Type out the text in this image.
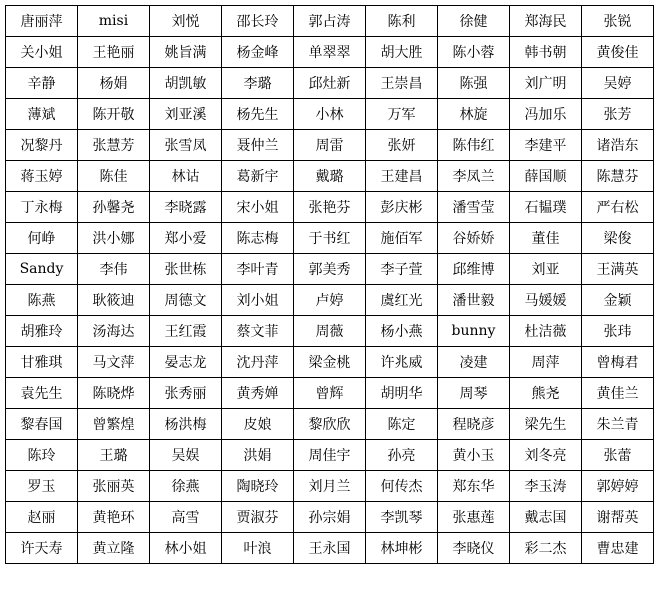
唐丽萍	misi	刘悦	邵长玲	郭占涛	陈利	徐健	郑海民	张锐
关小姐	王艳丽	姚旨满	杨金峰	单翠翠	胡大胜	陈小蓉	韩书朝	黄俊佳
辛静	杨娟	胡凯敏	李璐	邱灶新	王崇昌	陈强	刘广明	吴婷
薄斌	陈开敬	刘亚溪	杨先生	小林	万军	林旋	冯加乐	张芳
况黎丹	张慧芳	张雪凤	聂仲兰	周雷	张妍	陈伟红	李建平	诸浩东
蒋玉婷	陈佳	林诂	葛新宇	戴璐	王建昌	李凤兰	薛国顺	陈慧芬
丁永梅	孙馨尧	李晓露	宋小姐	张艳芬	彭庆彬	潘雪莹	石韫璞	严右松
何峥	洪小娜	郑小爱	陈志梅	于书红	施佰军	谷娇娇	董佳	梁俊
Sandy	李伟	张世栋	李叶青	郭美秀	李子萱	邱维博	刘亚	王满英
陈燕	耿筱迪	周德文	刘小姐	卢婷	虞红光	潘世毅	马媛媛	金颖
胡雅玲	汤海达	王红霞	蔡文菲	周薇	杨小燕	bunny	杜洁薇	张玮
甘雅琪	马文萍	晏志龙	沈丹萍	梁金桃	许兆威	凌建	周萍	曾梅君
袁先生	陈晓烨	张秀丽	黄秀婵	曾辉	胡明华	周琴	熊尧	黄佳兰
黎春国	曾繁煌	杨洪梅	皮娘	黎欣欣	陈定	程晓彦	梁先生	朱兰青
陈玲	王璐	吴娱	洪娟	周佳宇	孙亮	黄小玉	刘冬亮	张蕾
罗玉	张丽英	徐燕	陶晓玲	刘月兰	何传杰	郑东华	李玉涛	郭婷婷
赵丽	黄艳环	高雪	贾淑芬	孙宗娟	李凯琴	张惠莲	戴志国	谢帮英
许天寿	黄立隆	林小姐	叶浪	王永国	林坤彬	李晓仪	彩二杰	曹忠建
